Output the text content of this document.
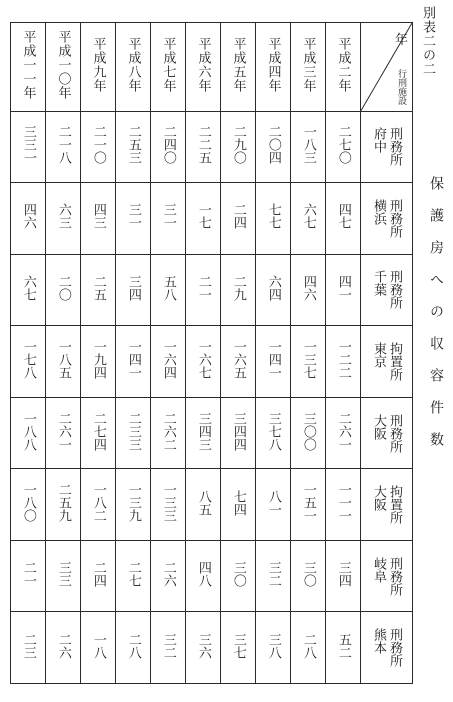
別表二の二
保護房への収容件数
平成一一年	平成一〇年	平成九年	平成八年	平成七年	平成六年	平成五年	平成四年	平成三年	平成二年	年
行刑施設

三三一	二一八	二一〇	二五三	二四〇	二二五	二九〇	二〇四	一八三	二七〇	刑務所
府中

四六	六三	四三	三一	三一	一七	二四	七七	六七	四七	刑務所
横浜

六七	二〇	二五	三四	五八	二一	二九	六四	四六	四一	刑務所
千葉

一七八	一八五	一九四	一四一	一六四	一六七	一六五	一四一	一三七	一二二	拘置所
東京

一八八	二六一	二七四	二三三	二六二	三四三	三四四	三七八	三〇〇	二六一	刑務所
大阪

一八〇	二五九	一八二	一三九	一三三	八五	七四	八一	一五一	一一一	拘置所
大阪

二一	三三	二四	二七	二六	四八	三〇	三二	三〇	三四	刑務所
岐阜

二三	二六	一八	二八	三二	三六	三七	三八	二八	五二	刑務所
熊本
